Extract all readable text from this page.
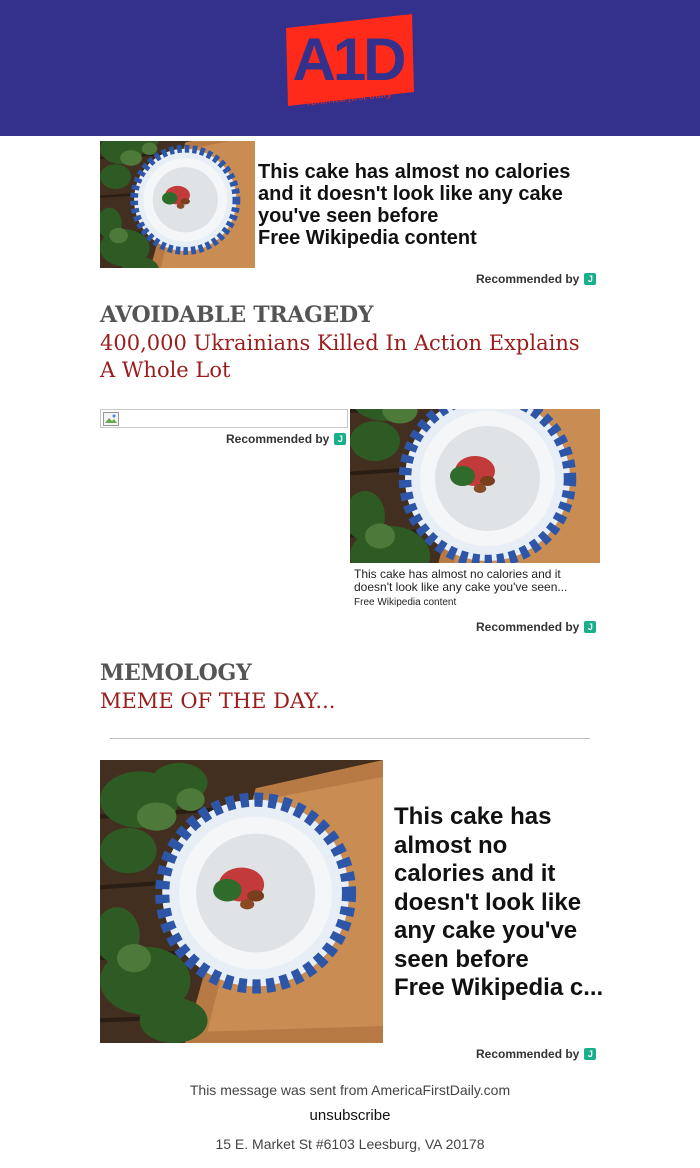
A1D
America first daily
This cake has almost no calories
and it doesn't look like any cake
you've seen before
Free Wikipedia content
Recommended by J
AVOIDABLE TRAGEDY
400,000 Ukrainians Killed In Action Explains A Whole Lot
Recommended by J
This cake has almost no calories and it doesn't look like any cake you've seen...
Free Wikipedia content
Recommended by J
MEMOLOGY
MEME OF THE DAY...
This cake has
almost no
calories and it
doesn't look like
any cake you've
seen before
Free Wikipedia c...
Recommended by J
This message was sent from AmericaFirstDaily.com
unsubscribe
15 E. Market St #6103 Leesburg, VA 20178
